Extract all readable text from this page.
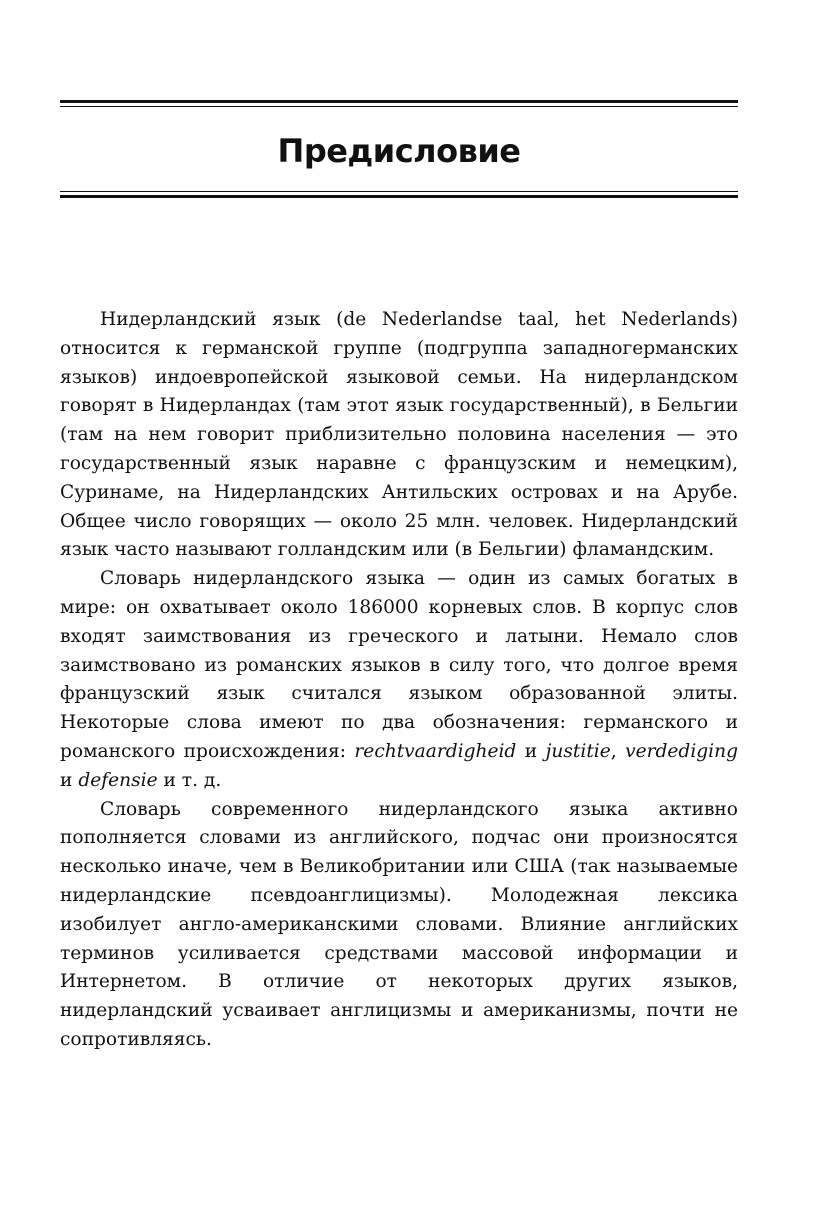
Предисловие

Нидерландский язык (de Nederlandse taal, het Nederlands) относится к германской группе (подгруппа западногерманских языков) индоевропейской языковой семьи. На нидерландском говорят в Нидерландах (там этот язык государственный), в Бельгии (там на нем говорит приблизительно половина населения — это государственный язык наравне с французским и немецким), Суринаме, на Нидерландских Антильских островах и на Арубе. Общее число говорящих — около 25 млн. человек. Нидерландский язык часто называют голландским или (в Бельгии) фламандским.

Словарь нидерландского языка — один из самых богатых в мире: он охватывает около 186000 корневых слов. В корпус слов входят заимствования из греческого и латыни. Немало слов заимствовано из романских языков в силу того, что долгое время французский язык считался языком образованной элиты. Некоторые слова имеют по два обозначения: германского и романского происхождения: rechtvaardigheid и justitie, verdediging и defensie и т. д.

Словарь современного нидерландского языка активно пополняется словами из английского, подчас они произносятся несколько иначе, чем в Великобритании или США (так называемые нидерландские псевдоанглицизмы). Молодежная лексика изобилует англо-американскими словами. Влияние английских терминов усиливается средствами массовой информации и Интернетом. В отличие от некоторых других языков, нидерландский усваивает англицизмы и американизмы, почти не сопротивляясь.
